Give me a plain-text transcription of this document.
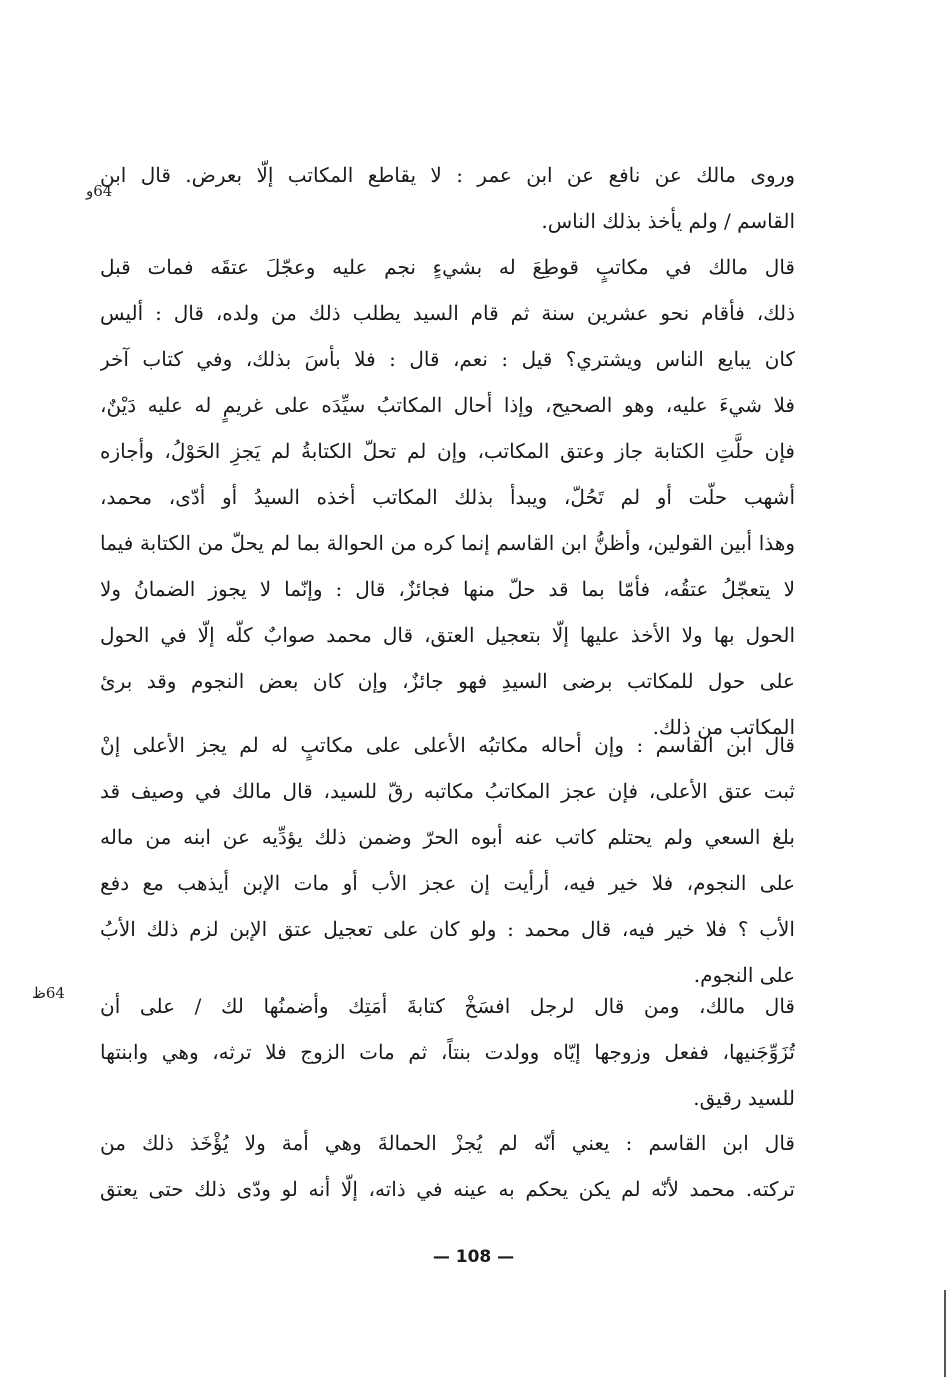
64و
64ظ
وروى مالك عن نافع عن ابن عمر : لا يقاطع المكاتب إلّا بعرض. قال ابن
القاسم / ولم يأخذ بذلك الناس.
قال مالك في مكاتبٍ قوطِعَ له بشيءٍ نجم عليه وعجّلَ عتقَه فمات قبل
ذلك، فأقام نحو عشرين سنة ثم قام السيد يطلب ذلك من ولده، قال : أليس
كان يبايع الناس ويشتري؟ قيل : نعم، قال : فلا بأسَ بذلك، وفي كتاب آخر
فلا شيءَ عليه، وهو الصحيح، وإذا أحال المكاتبُ سيِّدَه على غريمٍ له عليه دَيْنٌ،
فإن حلَّتِ الكتابة جاز وعتق المكاتب، وإن لم تحلّ الكتابةُ لم يَجزِ الحَوْلُ، وأجازه
أشهب حلّت أو لم تَحُلّ، ويبدأ بذلك المكاتب أخذه السيدُ أو أدّى، محمد،
وهذا أبين القولين، وأظنُّ ابن القاسم إنما كره من الحوالة بما لم يحلّ من الكتابة فيما
لا يتعجّلُ عتقُه، فأمّا بما قد حلّ منها فجائزٌ، قال : وإنّما لا يجوز الضمانُ ولا
الحول بها ولا الأخذ عليها إلّا بتعجيل العتق، قال محمد صوابٌ كلّه إلّا في الحول
على حول للمكاتب برضى السيدِ فهو جائزٌ، وإن كان بعض النجوم وقد برئ
المكاتب من ذلك.
قال ابن القاسم : وإن أحاله مكاتبُه الأعلى على مكاتبٍ له لم يجز الأعلى إنْ
ثبت عتق الأعلى، فإن عجز المكاتبُ مكاتبه رقّ للسيد، قال مالك في وصيف قد
بلغ السعي ولم يحتلم كاتب عنه أبوه الحرّ وضمن ذلك يؤدِّيه عن ابنه من ماله
على النجوم، فلا خير فيه، أرأيت إن عجز الأب أو مات الإبن أيذهب مع دفع
الأب ؟ فلا خير فيه، قال محمد : ولو كان على تعجيل عتق الإبن لزم ذلك الأبُ
على النجوم.
قال مالك، ومن قال لرجل افسَخْ كتابةَ أمَتِك وأضمنُها لك / على أن
تُزَوِّجَنيها، ففعل وزوجها إيّاه وولدت بنتاً، ثم مات الزوج فلا ترثه، وهي وابنتها
للسيد رقيق.
قال ابن القاسم : يعني أنّه لم يُجزْ الحمالةَ وهي أمة ولا يُؤْخَذ ذلك من
تركته. محمد لأنّه لم يكن يحكم به عينه في ذاته، إلّا أنه لو ودّى ذلك حتى يعتق
— 108 —
